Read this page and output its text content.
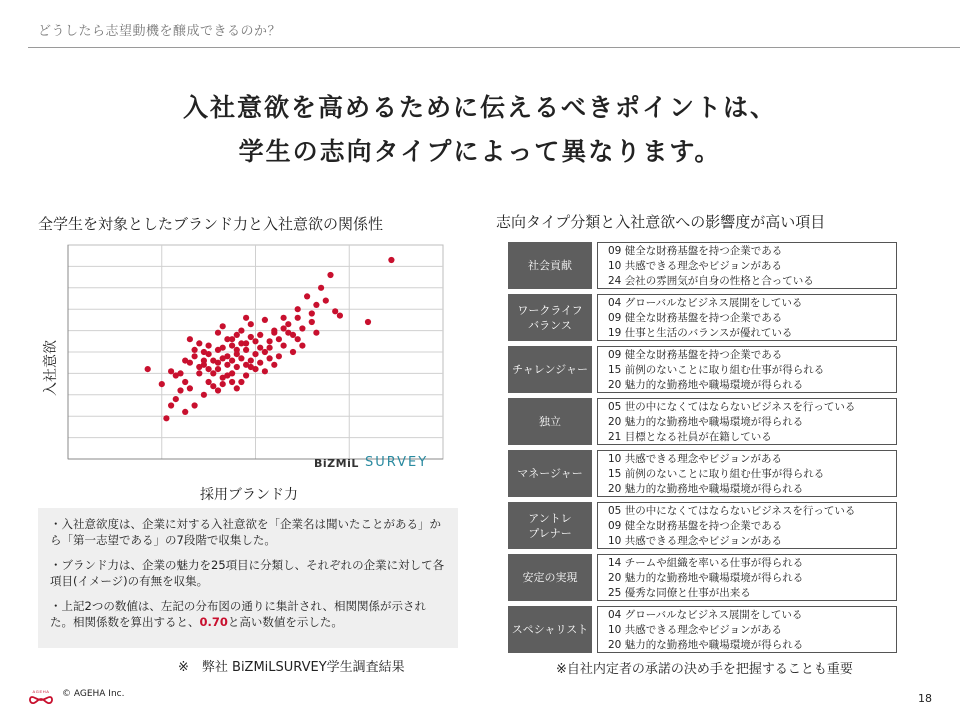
どうしたら志望動機を醸成できるのか？
入社意欲を高めるために伝えるべきポイントは、
学生の志向タイプによって異なります。
全学生を対象としたブランド力と入社意欲の関係性
入社意欲
採用ブランド力
BiZMiL SURVEY

・入社意欲度は、企業に対する入社意欲を「企業名は聞いたことがある」から「第一志望である」の7段階で収集した。

・ブランド力は、企業の魅力を25項目に分類し、それぞれの企業に対して各項目(イメージ)の有無を収集。

・上記2つの数値は、左記の分布図の通りに集計され、相関関係が示された。相関係数を算出すると、0.70と高い数値を示した。

※　弊社 BiZMiLSURVEY学生調査結果
志向タイプ分類と入社意欲への影響度が高い項目
社会貢献
09 健全な財務基盤を持つ企業である
10 共感できる理念やビジョンがある
24 会社の雰囲気が自身の性格と合っている
ワークライフ
バランス
04 グローバルなビジネス展開をしている
09 健全な財務基盤を持つ企業である
19 仕事と生活のバランスが優れている
チャレンジャー
09 健全な財務基盤を持つ企業である
15 前例のないことに取り組む仕事が得られる
20 魅力的な勤務地や職場環境が得られる
独立
05 世の中になくてはならないビジネスを行っている
20 魅力的な勤務地や職場環境が得られる
21 目標となる社員が在籍している
マネージャー
10 共感できる理念やビジョンがある
15 前例のないことに取り組む仕事が得られる
20 魅力的な勤務地や職場環境が得られる
アントレ
プレナー
05 世の中になくてはならないビジネスを行っている
09 健全な財務基盤を持つ企業である
10 共感できる理念やビジョンがある
安定の実現
14 チームや組織を率いる仕事が得られる
20 魅力的な勤務地や職場環境が得られる
25 優秀な同僚と仕事が出来る
スペシャリスト
04 グローバルなビジネス展開をしている
10 共感できる理念やビジョンがある
20 魅力的な勤務地や職場環境が得られる
※自社内定者の承諾の決め手を把握することも重要
AGEHA © AGEHA Inc.	18
